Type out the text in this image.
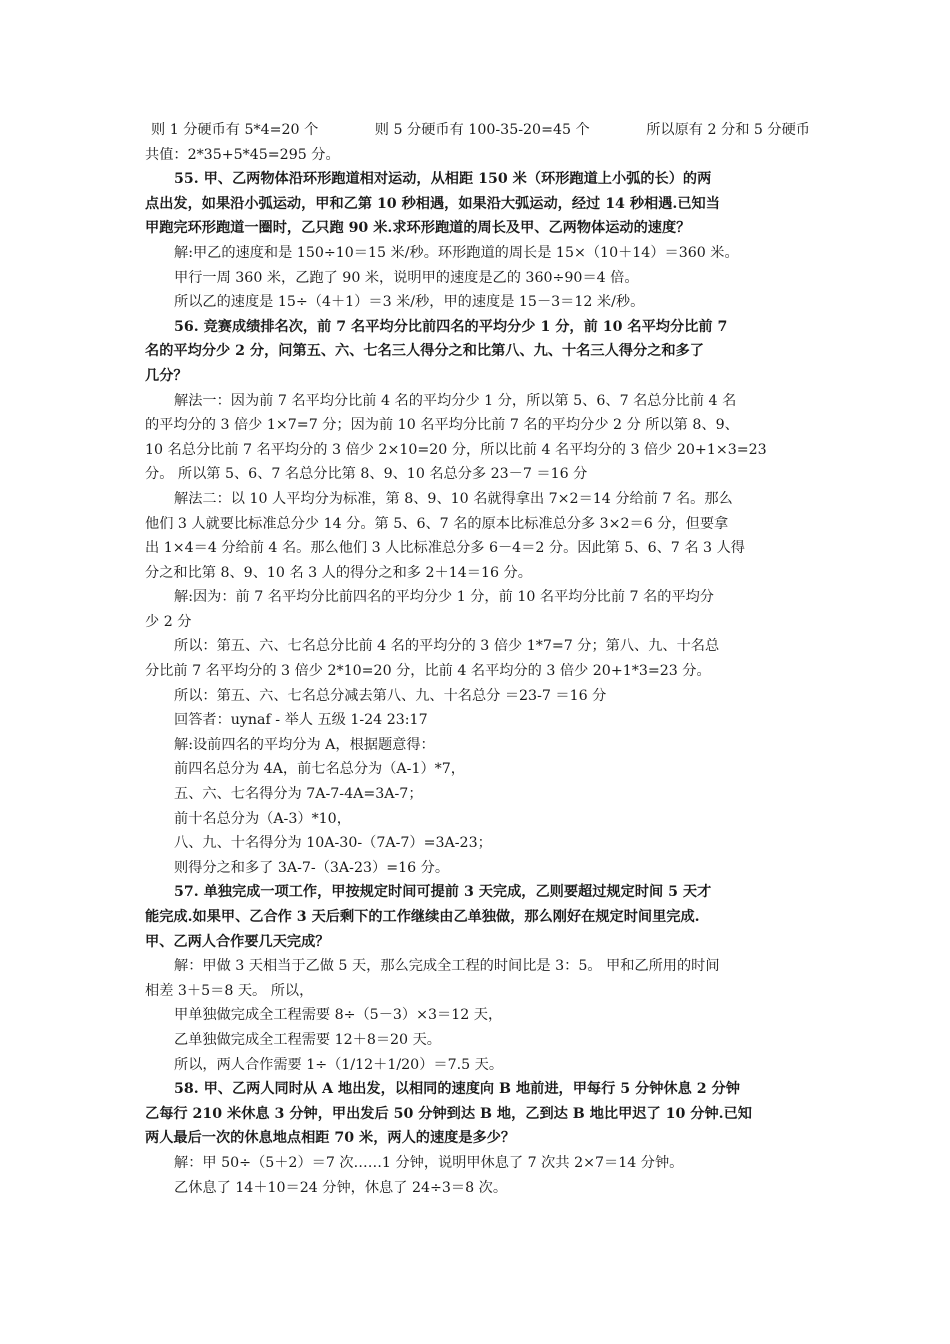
则 1 分硬币有 5*4=20 个	则 5 分硬币有 100-35-20=45 个	所以原有 2 分和 5 分硬币
共值：2*35+5*45=295 分。
55. 甲、乙两物体沿环形跑道相对运动，从相距 150 米（环形跑道上小弧的长）的两
点出发，如果沿小弧运动，甲和乙第 10 秒相遇，如果沿大弧运动，经过 14 秒相遇.已知当
甲跑完环形跑道一圈时，乙只跑 90 米.求环形跑道的周长及甲、乙两物体运动的速度？
解:甲乙的速度和是 150÷10＝15 米/秒。环形跑道的周长是 15×（10＋14）＝360 米。
甲行一周 360 米，乙跑了 90 米，说明甲的速度是乙的 360÷90＝4 倍。
所以乙的速度是 15÷（4＋1）＝3 米/秒，甲的速度是 15－3＝12 米/秒。
56. 竞赛成绩排名次，前 7 名平均分比前四名的平均分少 1 分，前 10 名平均分比前 7
名的平均分少 2 分，问第五、六、七名三人得分之和比第八、九、十名三人得分之和多了
几分？
解法一：因为前 7 名平均分比前 4 名的平均分少 1 分，所以第 5、6、7 名总分比前 4 名
的平均分的 3 倍少 1×7=7 分；因为前 10 名平均分比前 7 名的平均分少 2 分 所以第 8、9、
10 名总分比前 7 名平均分的 3 倍少 2×10=20 分，所以比前 4 名平均分的 3 倍少 20+1×3=23
分。 所以第 5、6、7 名总分比第 8、9、10 名总分多 23－7 ＝16 分
解法二：以 10 人平均分为标准，第 8、9、10 名就得拿出 7×2＝14 分给前 7 名。那么
他们 3 人就要比标准总分少 14 分。第 5、6、7 名的原本比标准总分多 3×2＝6 分，但要拿
出 1×4＝4 分给前 4 名。那么他们 3 人比标准总分多 6－4＝2 分。因此第 5、6、7 名 3 人得
分之和比第 8、9、10 名 3 人的得分之和多 2＋14＝16 分。
解:因为：前 7 名平均分比前四名的平均分少 1 分，前 10 名平均分比前 7 名的平均分
少 2 分
所以：第五、六、七名总分比前 4 名的平均分的 3 倍少 1*7=7 分；第八、九、十名总
分比前 7 名平均分的 3 倍少 2*10=20 分，比前 4 名平均分的 3 倍少 20+1*3=23 分。
所以：第五、六、七名总分减去第八、九、十名总分 ＝23-7 ＝16 分
回答者：uynaf - 举人 五级 1-24 23:17
解:设前四名的平均分为 A，根据题意得：
前四名总分为 4A，前七名总分为（A-1）*7，
五、六、七名得分为 7A-7-4A=3A-7；
前十名总分为（A-3）*10，
八、九、十名得分为 10A-30-（7A-7）=3A-23；
则得分之和多了 3A-7-（3A-23）=16 分。
57. 单独完成一项工作，甲按规定时间可提前 3 天完成，乙则要超过规定时间 5 天才
能完成.如果甲、乙合作 3 天后剩下的工作继续由乙单独做，那么刚好在规定时间里完成.
甲、乙两人合作要几天完成？
解：甲做 3 天相当于乙做 5 天，那么完成全工程的时间比是 3：5。 甲和乙所用的时间
相差 3＋5＝8 天。 所以，
甲单独做完成全工程需要 8÷（5－3）×3＝12 天，
乙单独做完成全工程需要 12＋8＝20 天。
所以，两人合作需要 1÷（1/12＋1/20）＝7.5 天。
58. 甲、乙两人同时从 A 地出发，以相同的速度向 B 地前进，甲每行 5 分钟休息 2 分钟
乙每行 210 米休息 3 分钟，甲出发后 50 分钟到达 B 地，乙到达 B 地比甲迟了 10 分钟.已知
两人最后一次的休息地点相距 70 米，两人的速度是多少？
解：甲 50÷（5＋2）＝7 次……1 分钟，说明甲休息了 7 次共 2×7＝14 分钟。
乙休息了 14＋10＝24 分钟，休息了 24÷3＝8 次。
